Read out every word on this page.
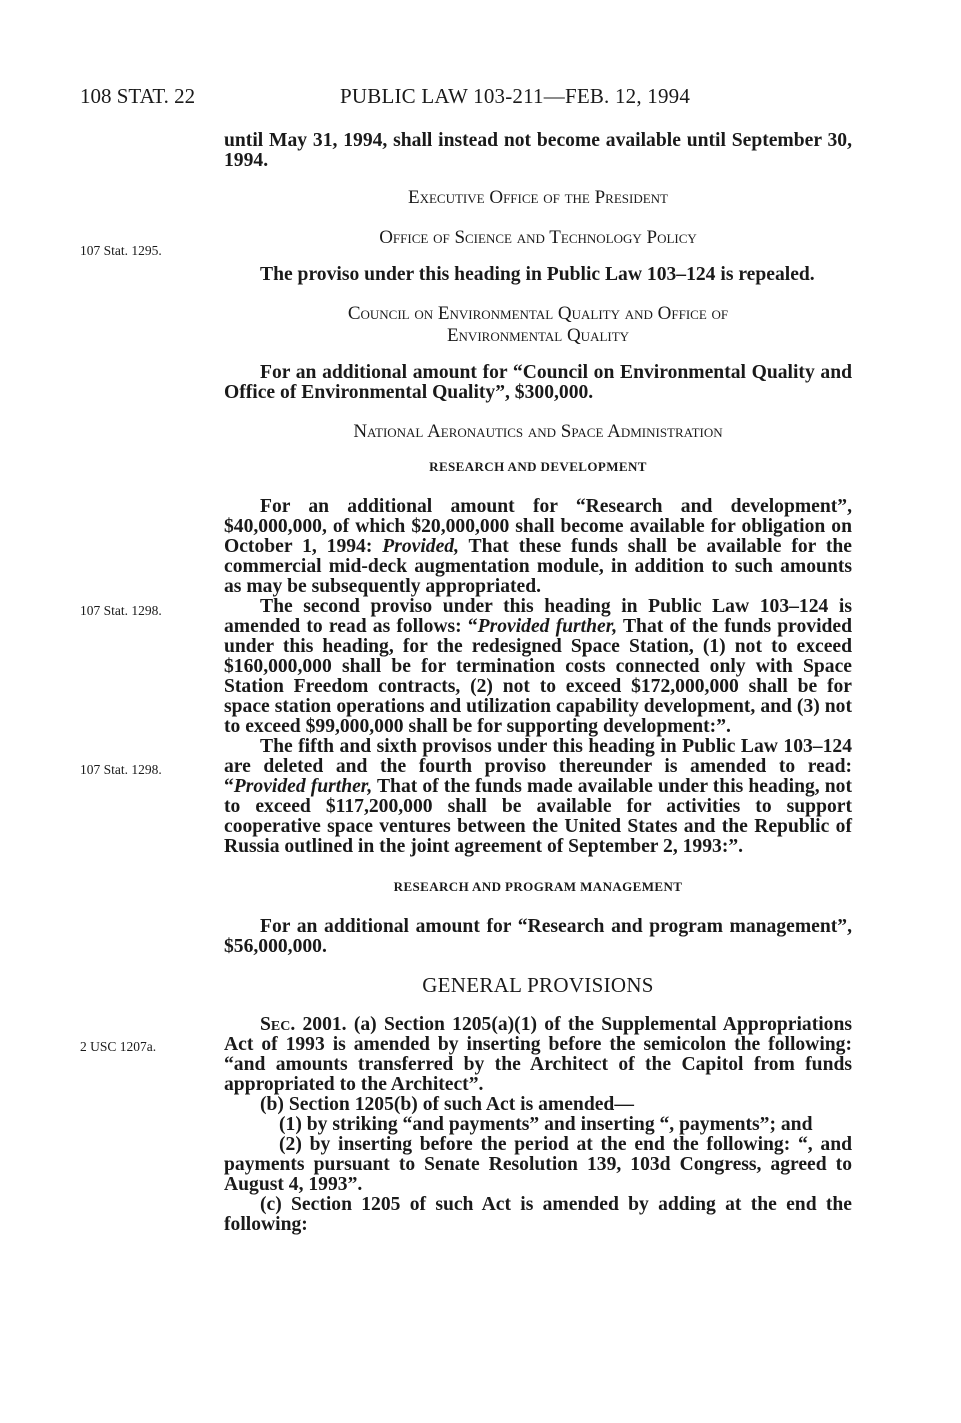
108 STAT. 22	PUBLIC LAW 103-211—FEB. 12, 1994
107 Stat. 1295.
107 Stat. 1298.
107 Stat. 1298.
2 USC 1207a.

until May 31, 1994, shall instead not become available until September 30, 1994.

Executive Office of the President
Office of Science and Technology Policy

The proviso under this heading in Public Law 103–124 is repealed.

Council on Environmental Quality and Office of
Environmental Quality

For an additional amount for “Council on Environmental Quality and Office of Environmental Quality”, $300,000.

National Aeronautics and Space Administration
RESEARCH AND DEVELOPMENT

For an additional amount for “Research and development”, $40,000,000, of which $20,000,000 shall become available for obligation on October 1, 1994: Provided, That these funds shall be available for the commercial mid-deck augmentation module, in addition to such amounts as may be subsequently appropriated.

The second proviso under this heading in Public Law 103–124 is amended to read as follows: “Provided further, That of the funds provided under this heading, for the redesigned Space Station, (1) not to exceed $160,000,000 shall be for termination costs connected only with Space Station Freedom contracts, (2) not to exceed $172,000,000 shall be for space station operations and utilization capability development, and (3) not to exceed $99,000,000 shall be for supporting development:”.

The fifth and sixth provisos under this heading in Public Law 103–124 are deleted and the fourth proviso thereunder is amended to read: “Provided further, That of the funds made available under this heading, not to exceed $117,200,000 shall be available for activities to support cooperative space ventures between the United States and the Republic of Russia outlined in the joint agreement of September 2, 1993:”.

RESEARCH AND PROGRAM MANAGEMENT

For an additional amount for “Research and program management”, $56,000,000.

GENERAL PROVISIONS

Sec. 2001. (a) Section 1205(a)(1) of the Supplemental Appropriations Act of 1993 is amended by inserting before the semicolon the following: “and amounts transferred by the Architect of the Capitol from funds appropriated to the Architect”.

(b) Section 1205(b) of such Act is amended—

(1) by striking “and payments” and inserting “, payments”; and

(2) by inserting before the period at the end the following: “, and payments pursuant to Senate Resolution 139, 103d Congress, agreed to August 4, 1993”.

(c) Section 1205 of such Act is amended by adding at the end the following:
